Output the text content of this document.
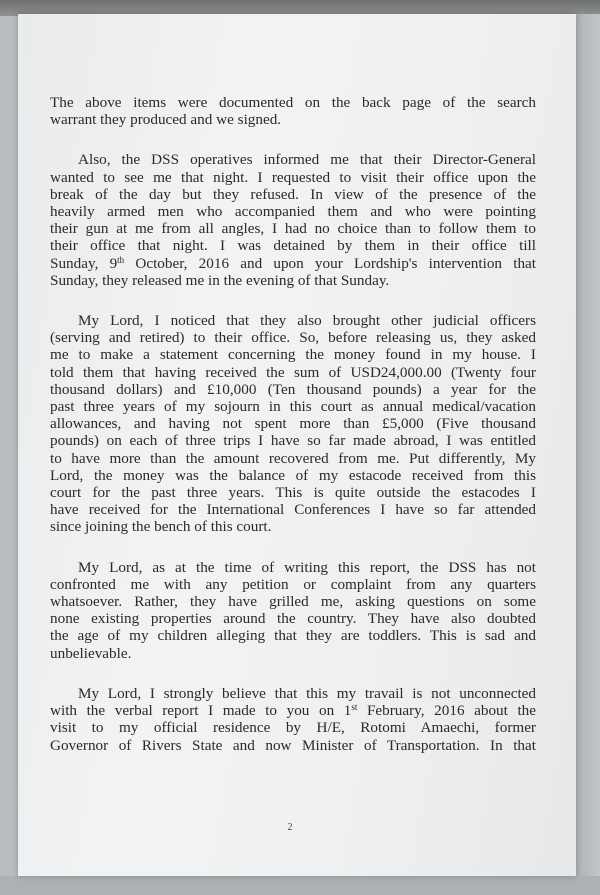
The above items were documented on the back page of the search
warrant they produced and we signed.

Also, the DSS operatives informed me that their Director-General
wanted to see me that night. I requested to visit their office upon the
break of the day but they refused. In view of the presence of the
heavily armed men who accompanied them and who were pointing
their gun at me from all angles, I had no choice than to follow them to
their office that night. I was detained by them in their office till
Sunday, 9th October, 2016 and upon your Lordship's intervention that
Sunday, they released me in the evening of that Sunday.

My Lord, I noticed that they also brought other judicial officers
(serving and retired) to their office. So, before releasing us, they asked
me to make a statement concerning the money found in my house. I
told them that having received the sum of USD24,000.00 (Twenty four
thousand dollars) and £10,000 (Ten thousand pounds) a year for the
past three years of my sojourn in this court as annual medical/vacation
allowances, and having not spent more than £5,000 (Five thousand
pounds) on each of three trips I have so far made abroad, I was entitled
to have more than the amount recovered from me. Put differently, My
Lord, the money was the balance of my estacode received from this
court for the past three years. This is quite outside the estacodes I
have received for the International Conferences I have so far attended
since joining the bench of this court.

My Lord, as at the time of writing this report, the DSS has not
confronted me with any petition or complaint from any quarters
whatsoever. Rather, they have grilled me, asking questions on some
none existing properties around the country. They have also doubted
the age of my children alleging that they are toddlers. This is sad and
unbelievable.

My Lord, I strongly believe that this my travail is not unconnected
with the verbal report I made to you on 1st February, 2016 about the
visit to my official residence by H/E, Rotomi Amaechi, former
Governor of Rivers State and now Minister of Transportation. In that

2
